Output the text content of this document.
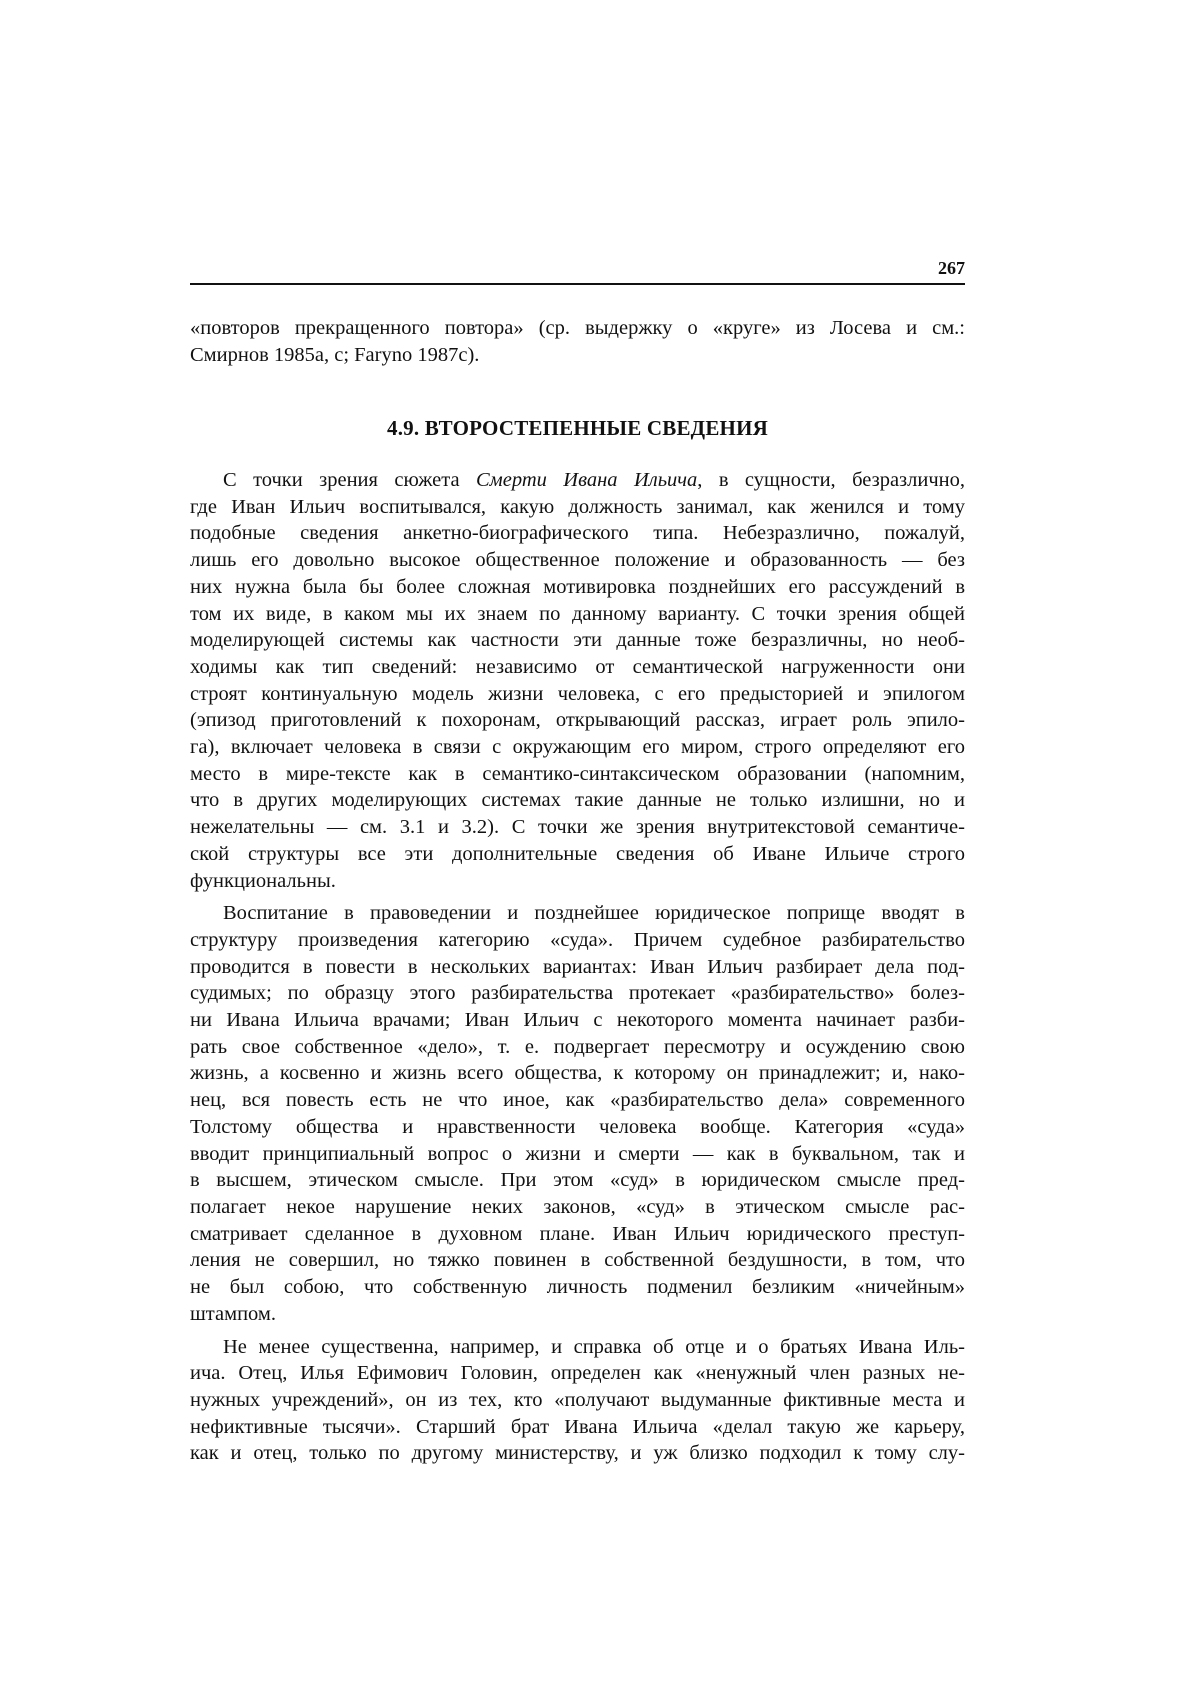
267
«повторов прекращенного повтора» (ср. выдержку о «круге» из Лосева и см.:
Смирнов 1985а, с; Faryno 1987с).
4.9. ВТОРОСТЕПЕННЫЕ СВЕДЕНИЯ

С точки зрения сюжета Смерти Ивана Ильича, в сущности, безразлично,
где Иван Ильич воспитывался, какую должность занимал, как женился и тому
подобные сведения анкетно-биографического типа. Небезразлично, пожалуй,
лишь его довольно высокое общественное положение и образованность — без
них нужна была бы более сложная мотивировка позднейших его рассуждений в
том их виде, в каком мы их знаем по данному варианту. С точки зрения общей
моделирующей системы как частности эти данные тоже безразличны, но необ-
ходимы как тип сведений: независимо от семантической нагруженности они
строят континуальную модель жизни человека, с его предысторией и эпилогом
(эпизод приготовлений к похоронам, открывающий рассказ, играет роль эпило-
га), включает человека в связи с окружающим его миром, строго определяют его
место в мире-тексте как в семантико-синтаксическом образовании (напомним,
что в других моделирующих системах такие данные не только излишни, но и
нежелательны — см. 3.1 и 3.2). С точки же зрения внутритекстовой семантиче-
ской структуры все эти дополнительные сведения об Иване Ильиче строго
функциональны.

Воспитание в правоведении и позднейшее юридическое поприще вводят в
структуру произведения категорию «суда». Причем судебное разбирательство
проводится в повести в нескольких вариантах: Иван Ильич разбирает дела под-
судимых; по образцу этого разбирательства протекает «разбирательство» болез-
ни Ивана Ильича врачами; Иван Ильич с некоторого момента начинает разби-
рать свое собственное «дело», т. е. подвергает пересмотру и осуждению свою
жизнь, а косвенно и жизнь всего общества, к которому он принадлежит; и, нако-
нец, вся повесть есть не что иное, как «разбирательство дела» современного
Толстому общества и нравственности человека вообще. Категория «суда»
вводит принципиальный вопрос о жизни и смерти — как в буквальном, так и
в высшем, этическом смысле. При этом «суд» в юридическом смысле пред-
полагает некое нарушение неких законов, «суд» в этическом смысле рас-
сматривает сделанное в духовном плане. Иван Ильич юридического преступ-
ления не совершил, но тяжко повинен в собственной бездушности, в том, что
не был собою, что собственную личность подменил безликим «ничейным»
штампом.

Не менее существенна, например, и справка об отце и о братьях Ивана Иль-
ича. Отец, Илья Ефимович Головин, определен как «ненужный член разных не-
нужных учреждений», он из тех, кто «получают выдуманные фиктивные места и
нефиктивные тысячи». Старший брат Ивана Ильича «делал такую же карьеру,
как и отец, только по другому министерству, и уж близко подходил к тому слу-
